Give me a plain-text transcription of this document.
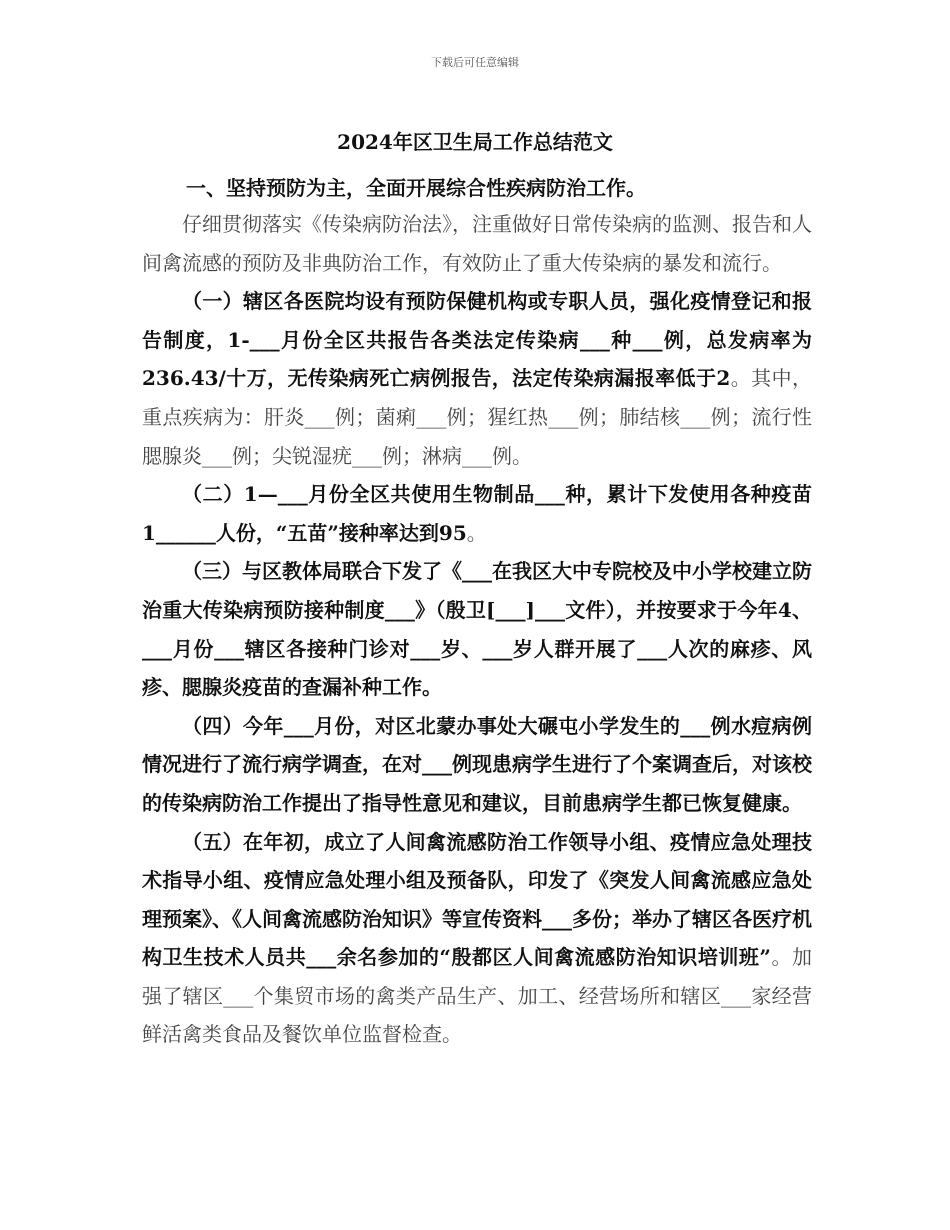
下载后可任意编辑
2024年区卫生局工作总结范文
一、坚持预防为主，全面开展综合性疾病防治工作。

仔细贯彻落实《传染病防治法》，注重做好日常传染病的监测、报告和人间禽流感的预防及非典防治工作，有效防止了重大传染病的暴发和流行。

（一）辖区各医院均设有预防保健机构或专职人员，强化疫情登记和报告制度，1-___月份全区共报告各类法定传染病___种___例，总发病率为236.43/十万，无传染病死亡病例报告，法定传染病漏报率低于2。其中，重点疾病为：肝炎___例；菌痢___例；猩红热___例；肺结核___例；流行性腮腺炎___例；尖锐湿疣___例；淋病___例。

（二）1—___月份全区共使用生物制品___种，累计下发使用各种疫苗1______人份，“五苗”接种率达到95。

（三）与区教体局联合下发了《___在我区大中专院校及中小学校建立防治重大传染病预防接种制度___》（殷卫[___]___文件），并按要求于今年4、___月份___辖区各接种门诊对___岁、___岁人群开展了___人次的麻疹、风疹、腮腺炎疫苗的查漏补种工作。

（四）今年___月份，对区北蒙办事处大碾屯小学发生的___例水痘病例情况进行了流行病学调查，在对___例现患病学生进行了个案调查后，对该校的传染病防治工作提出了指导性意见和建议，目前患病学生都已恢复健康。

（五）在年初，成立了人间禽流感防治工作领导小组、疫情应急处理技术指导小组、疫情应急处理小组及预备队，印发了《突发人间禽流感应急处理预案》、《人间禽流感防治知识》等宣传资料___多份；举办了辖区各医疗机构卫生技术人员共___余名参加的“殷都区人间禽流感防治知识培训班”。加强了辖区___个集贸市场的禽类产品生产、加工、经营场所和辖区___家经营鲜活禽类食品及餐饮单位监督检查。
